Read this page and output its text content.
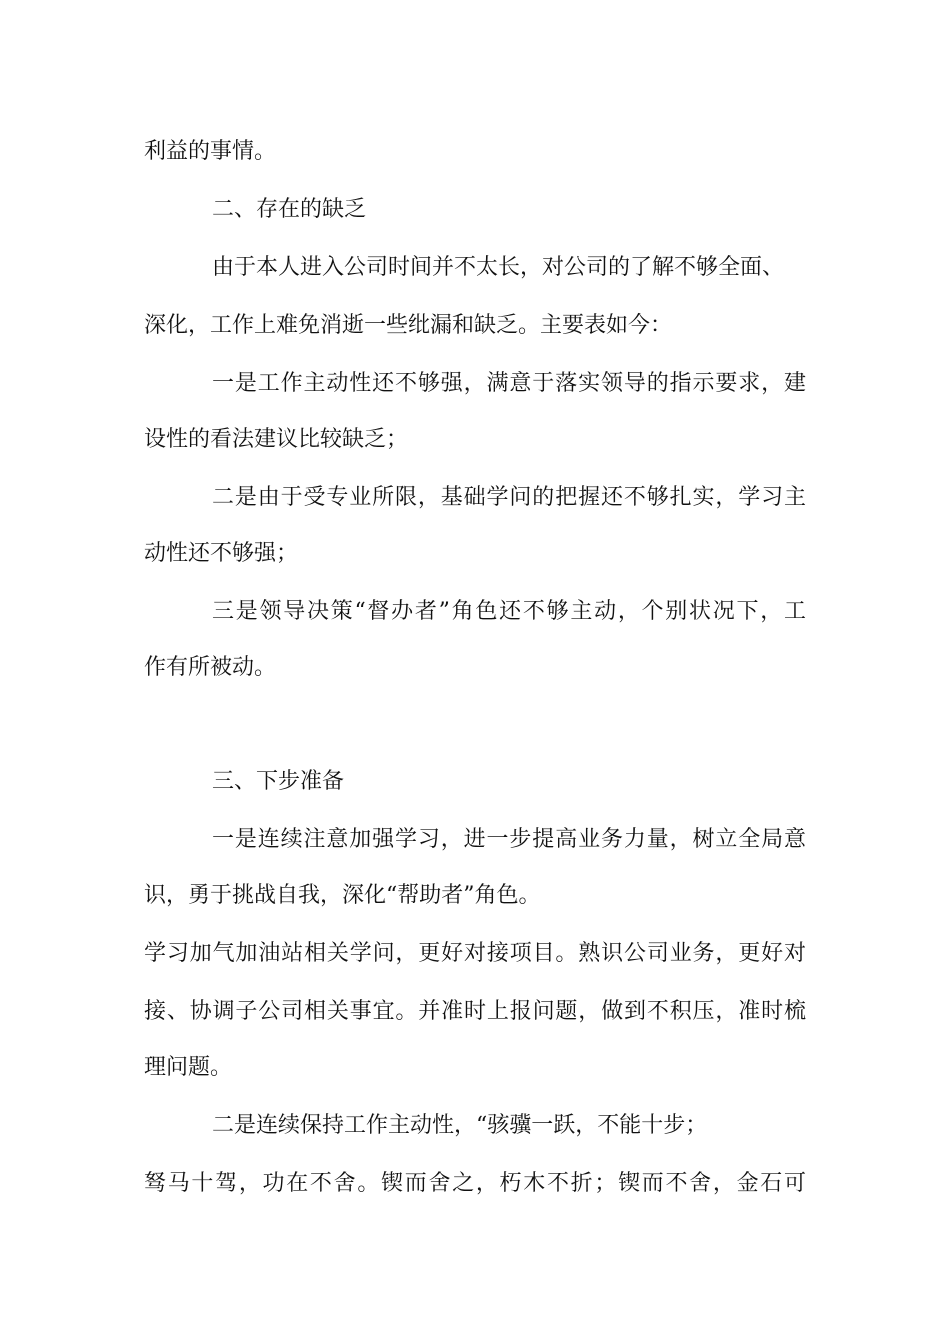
利益的事情。

二、存在的缺乏

由于本人进入公司时间并不太长，对公司的了解不够全面、

深化，工作上难免消逝一些纰漏和缺乏。主要表如今：

一是工作主动性还不够强，满意于落实领导的指示要求，建

设性的看法建议比较缺乏；

二是由于受专业所限，基础学问的把握还不够扎实，学习主

动性还不够强；

三是领导决策“督办者”角色还不够主动，个别状况下，工

作有所被动。

三、下步准备

一是连续注意加强学习，进一步提高业务力量，树立全局意

识，勇于挑战自我，深化“帮助者”角色。

学习加气加油站相关学问，更好对接项目。熟识公司业务，更好对

接、协调子公司相关事宜。并准时上报问题，做到不积压，准时梳

理问题。

二是连续保持工作主动性，“骇骥一跃，不能十步；

驽马十驾，功在不舍。锲而舍之，朽木不折；锲而不舍，金石可
